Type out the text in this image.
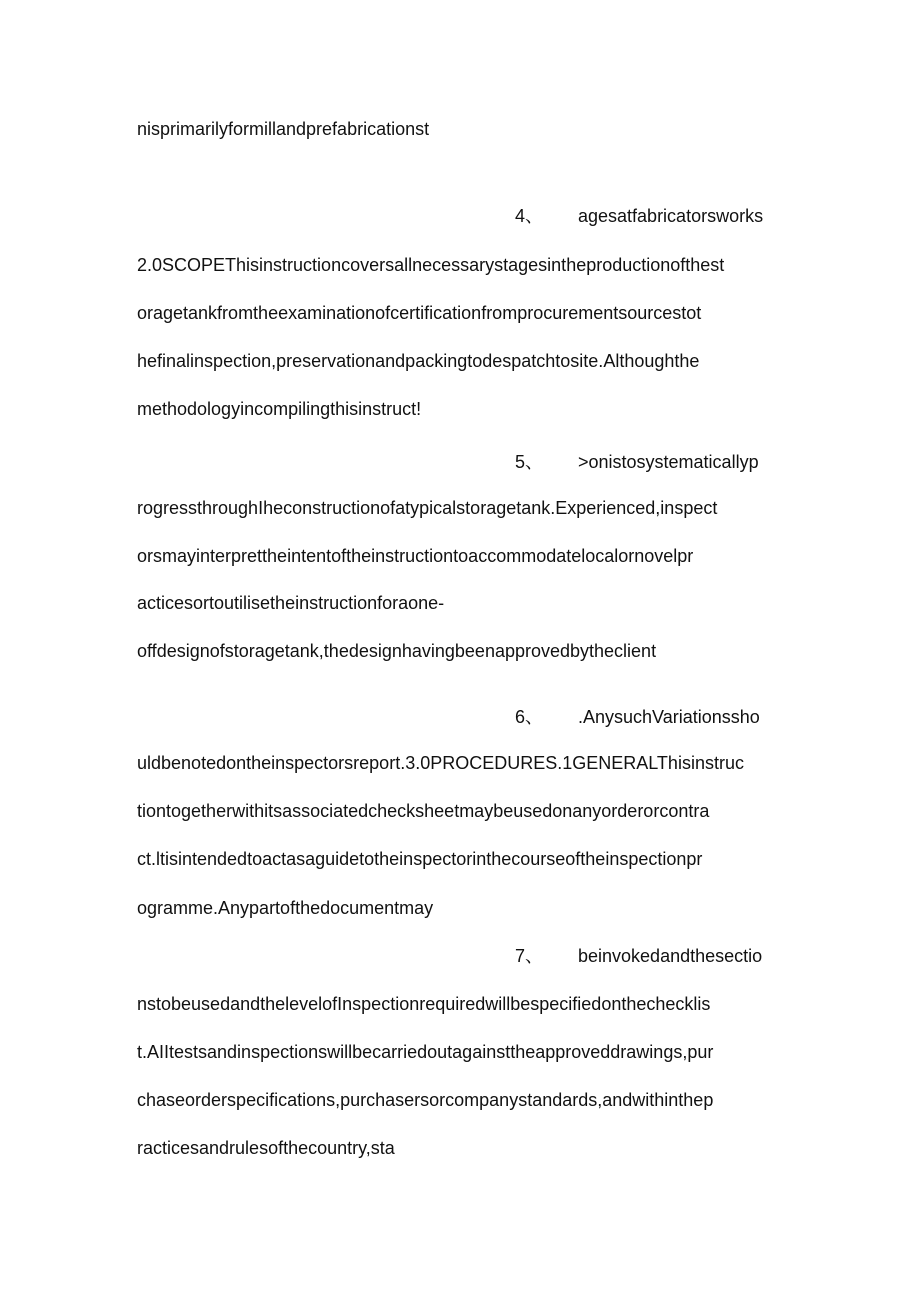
nisprimarilyformillandprefabricationst
4、 agesatfabricatorsworks
2.0SCOPEThisinstructioncoversallnecessarystagesintheproductionofthest
oragetankfromtheexaminationofcertificationfromprocurementsourcestot
hefinalinspection,preservationandpackingtodespatchtosite.Althoughthe
methodologyincompilingthisinstruct!
5、 >onistosystematicallyp
rogressthroughIheconstructionofatypicalstoragetank.Experienced,inspect
orsmayinterprettheintentoftheinstructiontoaccommodatelocalornovelpr
acticesortoutilisetheinstructionforaone-
offdesignofstoragetank,thedesignhavingbeenapprovedbytheclient
6、 .AnysuchVariationssho
uldbenotedontheinspectorsreport.3.0PROCEDURES.1GENERALThisinstruc
tiontogetherwithitsassociatedchecksheetmaybeusedonanyorderorcontra
ct.ltisintendedtoactasaguidetotheinspectorinthecourseoftheinspectionpr
ogramme.Anypartofthedocumentmay
7、 beinvokedandthesectio
nstobeusedandthelevelofInspectionrequiredwillbespecifiedonthechecklis
t.AIItestsandinspectionswillbecarriedoutagainsttheapproveddrawings,pur
chaseorderspecifications,purchasersorcompanystandards,andwithinthep
racticesandrulesofthecountry,sta
